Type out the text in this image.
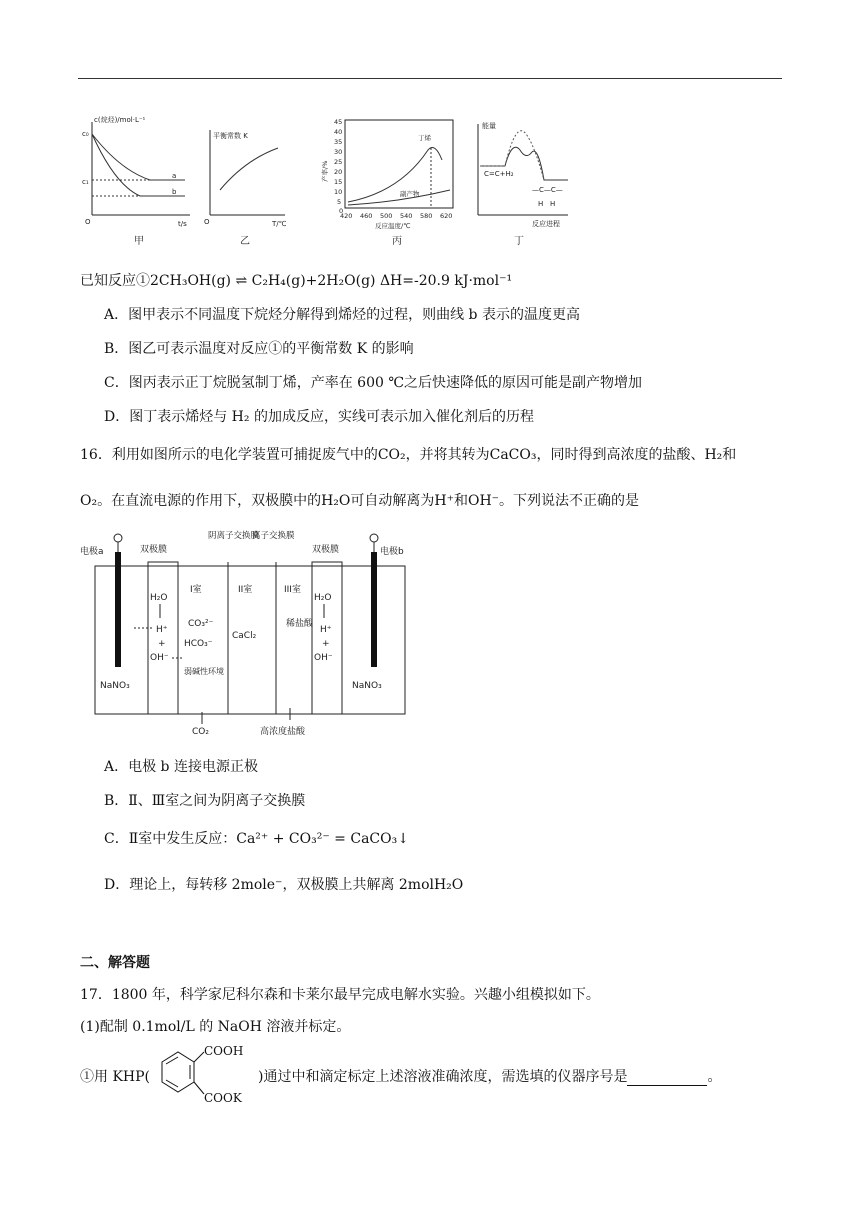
c(烷烃)/mol·L⁻¹
c₀
c₁
t/s
O
a
b
甲
平衡常数 K
T/℃
O
乙
产率/%
45
40
35
30
25
20
15
10
5
0
420 460 500 540 580 620
反应温度/℃
丁烯
副产物
丙
能量
反应进程
C=C+H₂
—C—C—
H H
丁
已知反应①2CH₃OH(g) ⇌ C₂H₄(g)+2H₂O(g) ΔH=-20.9 kJ·mol⁻¹
A．图甲表示不同温度下烷烃分解得到烯烃的过程，则曲线 b 表示的温度更高
B．图乙可表示温度对反应①的平衡常数 K 的影响
C．图丙表示正丁烷脱氢制丁烯，产率在 600 ℃之后快速降低的原因可能是副产物增加
D．图丁表示烯烃与 H₂ 的加成反应，实线可表示加入催化剂后的历程
16．利用如图所示的电化学装置可捕捉废气中的CO₂，并将其转为CaCO₃，同时得到高浓度的盐酸、H₂和
O₂。在直流电源的作用下，双极膜中的H₂O可自动解离为H⁺和OH⁻。下列说法不正确的是
电极a	电极b
双极膜
阴离子交换膜
离子交换膜
双极膜
I室	II室	III室
CO₃²⁻
HCO₃⁻
弱碱性环境
CaCl₂
稀盐酸
H₂O
H⁺
+
OH⁻
H₂O
H⁺
+
OH⁻
NaNO₃	NaNO₃
CO₂	高浓度盐酸
A．电极 b 连接电源正极
B．Ⅱ、Ⅲ室之间为阴离子交换膜
C．Ⅱ室中发生反应：Ca²⁺ + CO₃²⁻ = CaCO₃↓
D．理论上，每转移 2mole⁻，双极膜上共解离 2molH₂O
二、解答题
17．1800 年，科学家尼科尔森和卡莱尔最早完成电解水实验。兴趣小组模拟如下。
(1)配制 0.1mol/L 的 NaOH 溶液并标定。
①用 KHP(
COOH
COOK
)通过中和滴定标定上述溶液准确浓度，需选填的仪器序号是	。
